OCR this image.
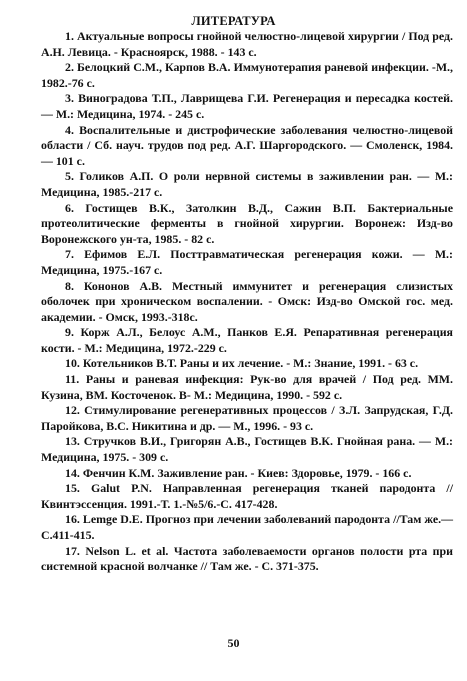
ЛИТЕРАТУРА

1. Актуальные вопросы гнойной челюстно-лицевой хирургии / Под ред. А.Н. Левица. - Красноярск, 1988. - 143 с.

2. Белоцкий С.М., Карпов В.А. Иммунотерапия раневой инфекции. -М., 1982.-76 с.

3. Виноградова Т.П., Лаврищева Г.И. Регенерация и пересадка костей. — М.: Медицина, 1974. - 245 с.

4. Воспалительные и дистрофические заболевания челюстно-лицевой области / Сб. науч. трудов под ред. А.Г. Шаргородского. — Смоленск, 1984. — 101 с.

5. Голиков А.П. О роли нервной системы в заживлении ран. — М.: Медицина, 1985.-217 с.

6. Гостищев В.К., Затолкин В.Д., Сажин В.П. Бактериальные протеолитические ферменты в гнойной хирургии. Воронеж: Изд-во Воронежского ун-та, 1985. - 82 с.

7. Ефимов Е.Л. Посттравматическая регенерация кожи. — М.: Медицина, 1975.-167 с.

8. Кононов А.В. Местный иммунитет и регенерация слизистых оболочек при хроническом воспалении. - Омск: Изд-во Омской гос. мед. академии. - Омск, 1993.-318с.

9. Корж А.Л., Белоус А.М., Панков Е.Я. Репаративная регенерация кости. - М.: Медицина, 1972.-229 с.

10. Котельников В.Т. Раны и их лечение. - М.: Знание, 1991. - 63 с.

11. Раны и раневая инфекция: Рук-во для врачей / Под ред. ММ. Кузина, ВМ. Косточенок. В- М.: Медицина, 1990. - 592 с.

12. Стимулирование регенеративных процессов / З.Л. Запрудская, Г.Д. Паройкова, В.С. Никитина и др. — М., 1996. - 93 с.

13. Стручков В.И., Григорян А.В., Гостищев В.К. Гнойная рана. — М.: Медицина, 1975. - 309 с.

14. Фенчин К.М. Заживление ран. - Киев: Здоровье, 1979. - 166 с.

15. Galut P.N. Направленная регенерация тканей пародонта // Квинтэссенция. 1991.-Т. 1.-№5/6.-С. 417-428.

16. Lemge D.E. Прогноз при лечении заболеваний пародонта //Там же.—С.411-415.

17. Nelson L. et al. Частота заболеваемости органов полости рта при системной красной волчанке // Там же. - С. 371-375.

50
